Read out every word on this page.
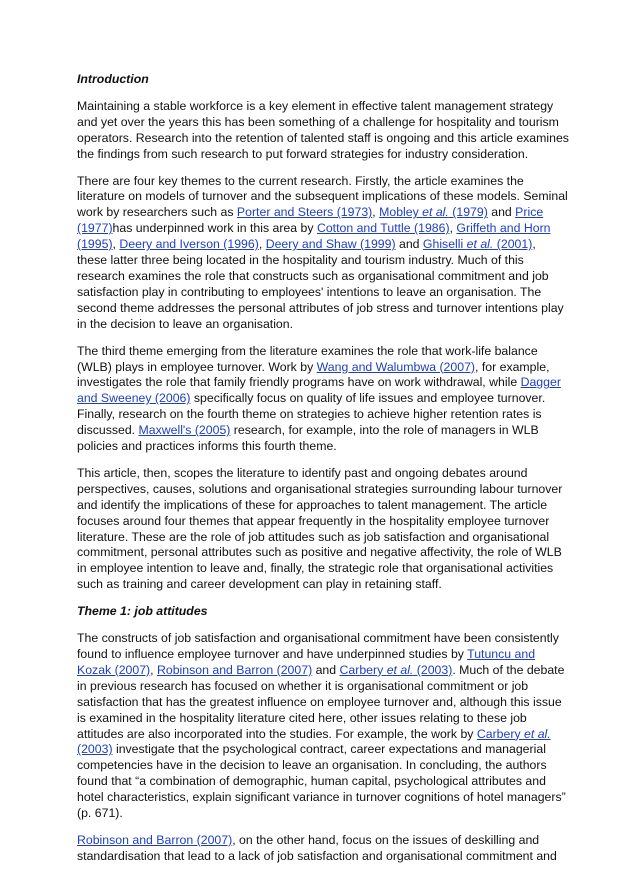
Introduction

Maintaining a stable workforce is a key element in effective talent management strategy and yet over the years this has been something of a challenge for hospitality and tourism operators. Research into the retention of talented staff is ongoing and this article examines the findings from such research to put forward strategies for industry consideration.

There are four key themes to the current research. Firstly, the article examines the literature on models of turnover and the subsequent implications of these models. Seminal work by researchers such as Porter and Steers (1973), Mobley et al. (1979) and Price (1977)has underpinned work in this area by Cotton and Tuttle (1986), Griffeth and Horn (1995), Deery and Iverson (1996), Deery and Shaw (1999) and Ghiselli et al. (2001), these latter three being located in the hospitality and tourism industry. Much of this research examines the role that constructs such as organisational commitment and job satisfaction play in contributing to employees' intentions to leave an organisation. The second theme addresses the personal attributes of job stress and turnover intentions play in the decision to leave an organisation.

The third theme emerging from the literature examines the role that work-life balance (WLB) plays in employee turnover. Work by Wang and Walumbwa (2007), for example, investigates the role that family friendly programs have on work withdrawal, while Dagger and Sweeney (2006) specifically focus on quality of life issues and employee turnover. Finally, research on the fourth theme on strategies to achieve higher retention rates is discussed. Maxwell's (2005) research, for example, into the role of managers in WLB policies and practices informs this fourth theme.

This article, then, scopes the literature to identify past and ongoing debates around perspectives, causes, solutions and organisational strategies surrounding labour turnover and identify the implications of these for approaches to talent management. The article focuses around four themes that appear frequently in the hospitality employee turnover literature. These are the role of job attitudes such as job satisfaction and organisational commitment, personal attributes such as positive and negative affectivity, the role of WLB in employee intention to leave and, finally, the strategic role that organisational activities such as training and career development can play in retaining staff.

Theme 1: job attitudes

The constructs of job satisfaction and organisational commitment have been consistently found to influence employee turnover and have underpinned studies by Tutuncu and Kozak (2007), Robinson and Barron (2007) and Carbery et al. (2003). Much of the debate in previous research has focused on whether it is organisational commitment or job satisfaction that has the greatest influence on employee turnover and, although this issue is examined in the hospitality literature cited here, other issues relating to these job attitudes are also incorporated into the studies. For example, the work by Carbery et al. (2003) investigate that the psychological contract, career expectations and managerial competencies have in the decision to leave an organisation. In concluding, the authors found that “a combination of demographic, human capital, psychological attributes and hotel characteristics, explain significant variance in turnover cognitions of hotel managers” (p. 671).

Robinson and Barron (2007), on the other hand, focus on the issues of deskilling and standardisation that lead to a lack of job satisfaction and organisational commitment and
